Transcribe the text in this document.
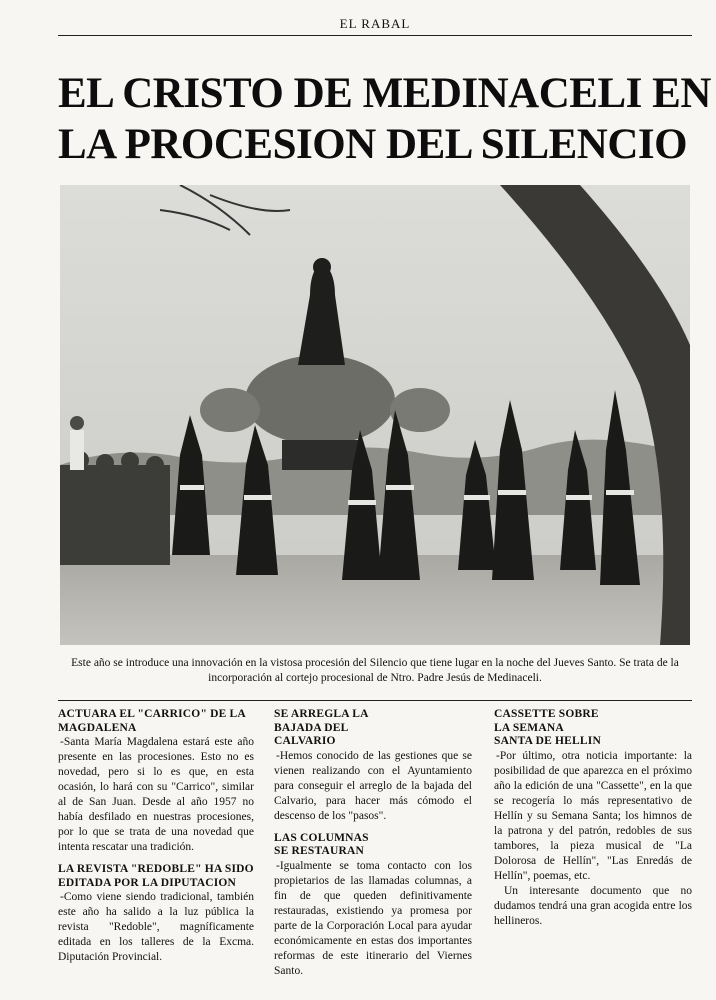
EL RABAL
EL CRISTO DE MEDINACELI EN
LA PROCESION DEL SILENCIO

Este año se introduce una innovación en la vistosa procesión del Silencio que tiene lugar en la noche del Jueves Santo. Se trata de la incorporación al cortejo procesional de Ntro. Padre Jesús de Medinaceli.

ACTUARA EL "CARRICO" DE LA MAGDALENA

-Santa María Magdalena estará este año presente en las procesiones. Esto no es novedad, pero si lo es que, en esta ocasión, lo hará con su "Carrico", similar al de San Juan. Desde al año 1957 no había desfilado en nuestras procesiones, por lo que se trata de una novedad que intenta rescatar una tradición.

LA REVISTA "REDOBLE" HA SIDO EDITADA POR LA DIPUTACION

-Como viene siendo tradicional, también este año ha salido a la luz pública la revista "Redoble", magníficamente editada en los talleres de la Excma. Diputación Provincial.

SE ARREGLA LA BAJADA DEL CALVARIO

-Hemos conocido de las gestiones que se vienen realizando con el Ayuntamiento para conseguir el arreglo de la bajada del Calvario, para hacer más cómodo el descenso de los "pasos".

LAS COLUMNAS SE RESTAURAN

-Igualmente se toma contacto con los propietarios de las llamadas columnas, a fin de que queden definitivamente restauradas, existiendo ya promesa por parte de la Corporación Local para ayudar económicamente en estas dos importantes reformas de este itinerario del Viernes Santo.

CASSETTE SOBRE LA SEMANA SANTA DE HELLIN

-Por último, otra noticia importante: la posibilidad de que aparezca en el próximo año la edición de una "Cassette", en la que se recogería lo más representativo de Hellín y su Semana Santa; los himnos de la patrona y del patrón, redobles de sus tambores, la pieza musical de "La Dolorosa de Hellín", "Las Enredás de Hellín", poemas, etc.

Un interesante documento que no dudamos tendrá una gran acogida entre los hellineros.
